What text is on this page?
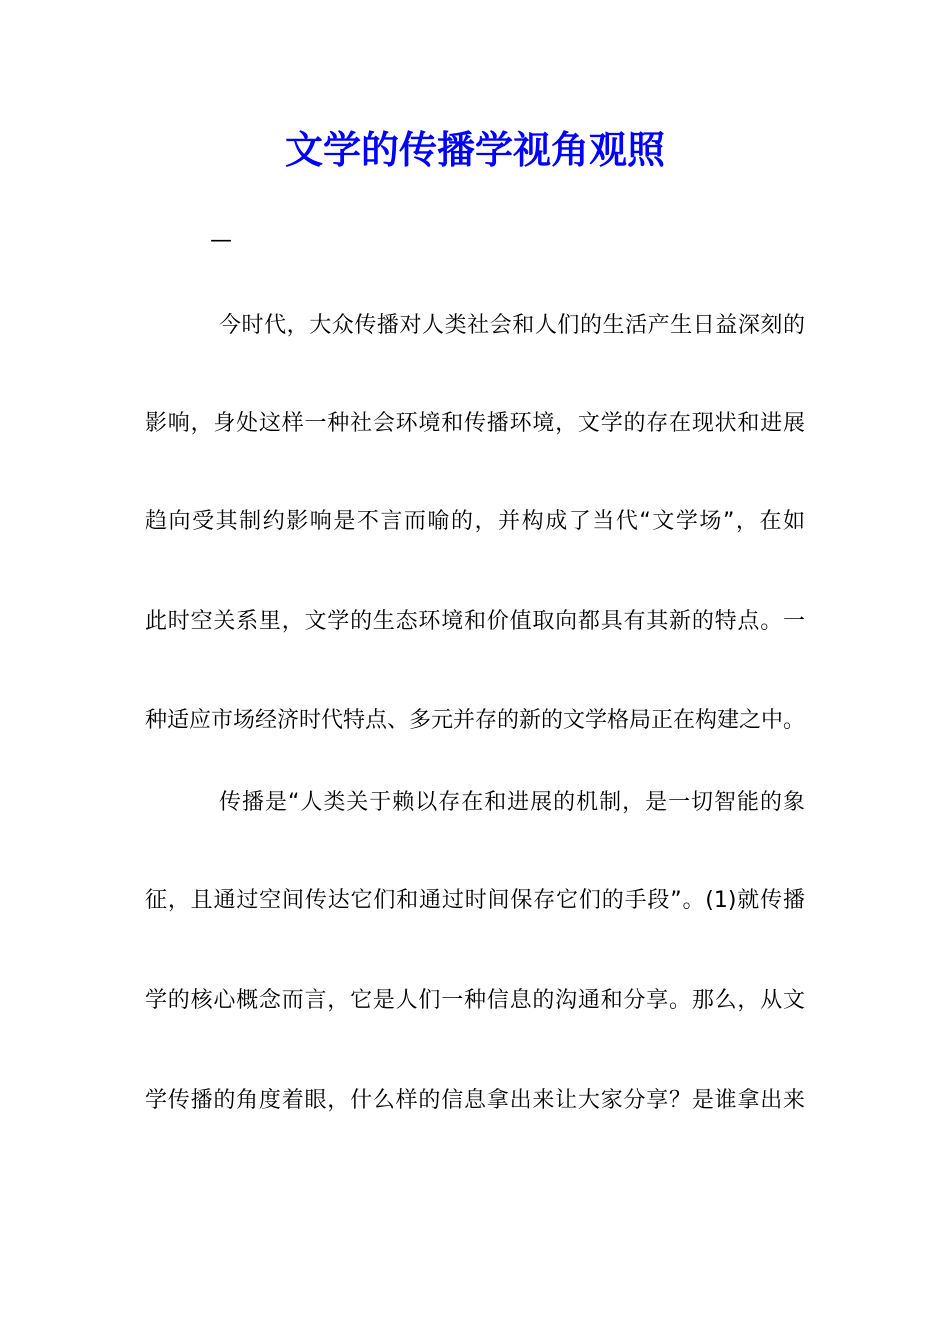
文学的传播学视角观照
—
今时代，大众传播对人类社会和人们的生活产生日益深刻的
影响，身处这样一种社会环境和传播环境，文学的存在现状和进展
趋向受其制约影响是不言而喻的，并构成了当代“文学场”，在如
此时空关系里，文学的生态环境和价值取向都具有其新的特点。一
种适应市场经济时代特点、多元并存的新的文学格局正在构建之中。
传播是“人类关于赖以存在和进展的机制，是一切智能的象
征，且通过空间传达它们和通过时间保存它们的手段”。(1)就传播
学的核心概念而言，它是人们一种信息的沟通和分享。那么，从文
学传播的角度着眼，什么样的信息拿出来让大家分享？是谁拿出来
